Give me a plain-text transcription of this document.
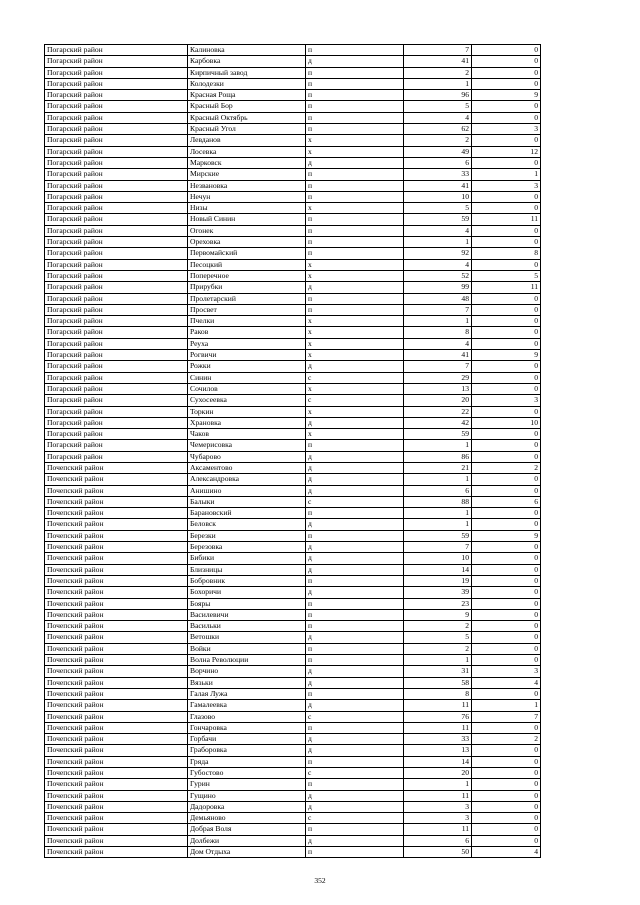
Погарский район	Калиновка	п	7	0
Погарский район	Карбовка	д	41	0
Погарский район	Кирпичный завод	п	2	0
Погарский район	Колодезки	п	1	0
Погарский район	Красная Роща	п	96	9
Погарский район	Красный Бор	п	5	0
Погарский район	Красный Октябрь	п	4	0
Погарский район	Красный Угол	п	62	3
Погарский район	Левданов	х	2	0
Погарский район	Лосевка	х	49	12
Погарский район	Марковск	д	6	0
Погарский район	Мирские	п	33	1
Погарский район	Незвановка	п	41	3
Погарский район	Нечун	п	10	0
Погарский район	Низы	х	5	0
Погарский район	Новый Синин	п	59	11
Погарский район	Огонек	п	4	0
Погарский район	Ореховка	п	1	0
Погарский район	Первомайский	п	92	8
Погарский район	Песоцкий	х	4	0
Погарский район	Поперечное	х	52	5
Погарский район	Прирубки	д	99	11
Погарский район	Пролетарский	п	48	0
Погарский район	Просвет	п	7	0
Погарский район	Пчелки	х	1	0
Погарский район	Раков	х	8	0
Погарский район	Реуха	х	4	0
Погарский район	Рогвичи	х	41	9
Погарский район	Рожки	д	7	0
Погарский район	Синин	с	29	0
Погарский район	Сочилов	х	13	0
Погарский район	Сухосеевка	с	20	3
Погарский район	Торкин	х	22	0
Погарский район	Храновка	д	42	10
Погарский район	Чаков	х	59	0
Погарский район	Чемерисовка	п	1	0
Погарский район	Чубарово	д	86	0
Почепский район	Аксаментово	д	21	2
Почепский район	Александровка	д	1	0
Почепский район	Анишино	д	6	0
Почепский район	Балыки	с	88	6
Почепский район	Барановский	п	1	0
Почепский район	Беловск	д	1	0
Почепский район	Березки	п	59	9
Почепский район	Березовка	д	7	0
Почепский район	Бибики	д	10	0
Почепский район	Близницы	д	14	0
Почепский район	Бобровник	п	19	0
Почепский район	Бохоричи	д	39	0
Почепский район	Бояры	п	23	0
Почепский район	Василевичи	п	9	0
Почепский район	Васильки	п	2	0
Почепский район	Ветошки	д	5	0
Почепский район	Войки	п	2	0
Почепский район	Волна Революции	п	1	0
Почепский район	Ворчино	д	31	3
Почепский район	Вязьки	д	58	4
Почепский район	Галая Лужа	п	8	0
Почепский район	Гамалеевка	д	11	1
Почепский район	Глазово	с	76	7
Почепский район	Гончаровка	п	11	0
Почепский район	Горбачи	д	33	2
Почепский район	Граборовка	д	13	0
Почепский район	Гряда	п	14	0
Почепский район	Губостово	с	20	0
Почепский район	Гурин	п	1	0
Почепский район	Гущино	д	11	0
Почепский район	Дадоровка	д	3	0
Почепский район	Демьяново	с	3	0
Почепский район	Добрая Воля	п	11	0
Почепский район	Долбежи	д	6	0
Почепский район	Дом Отдыха	п	50	4
352
